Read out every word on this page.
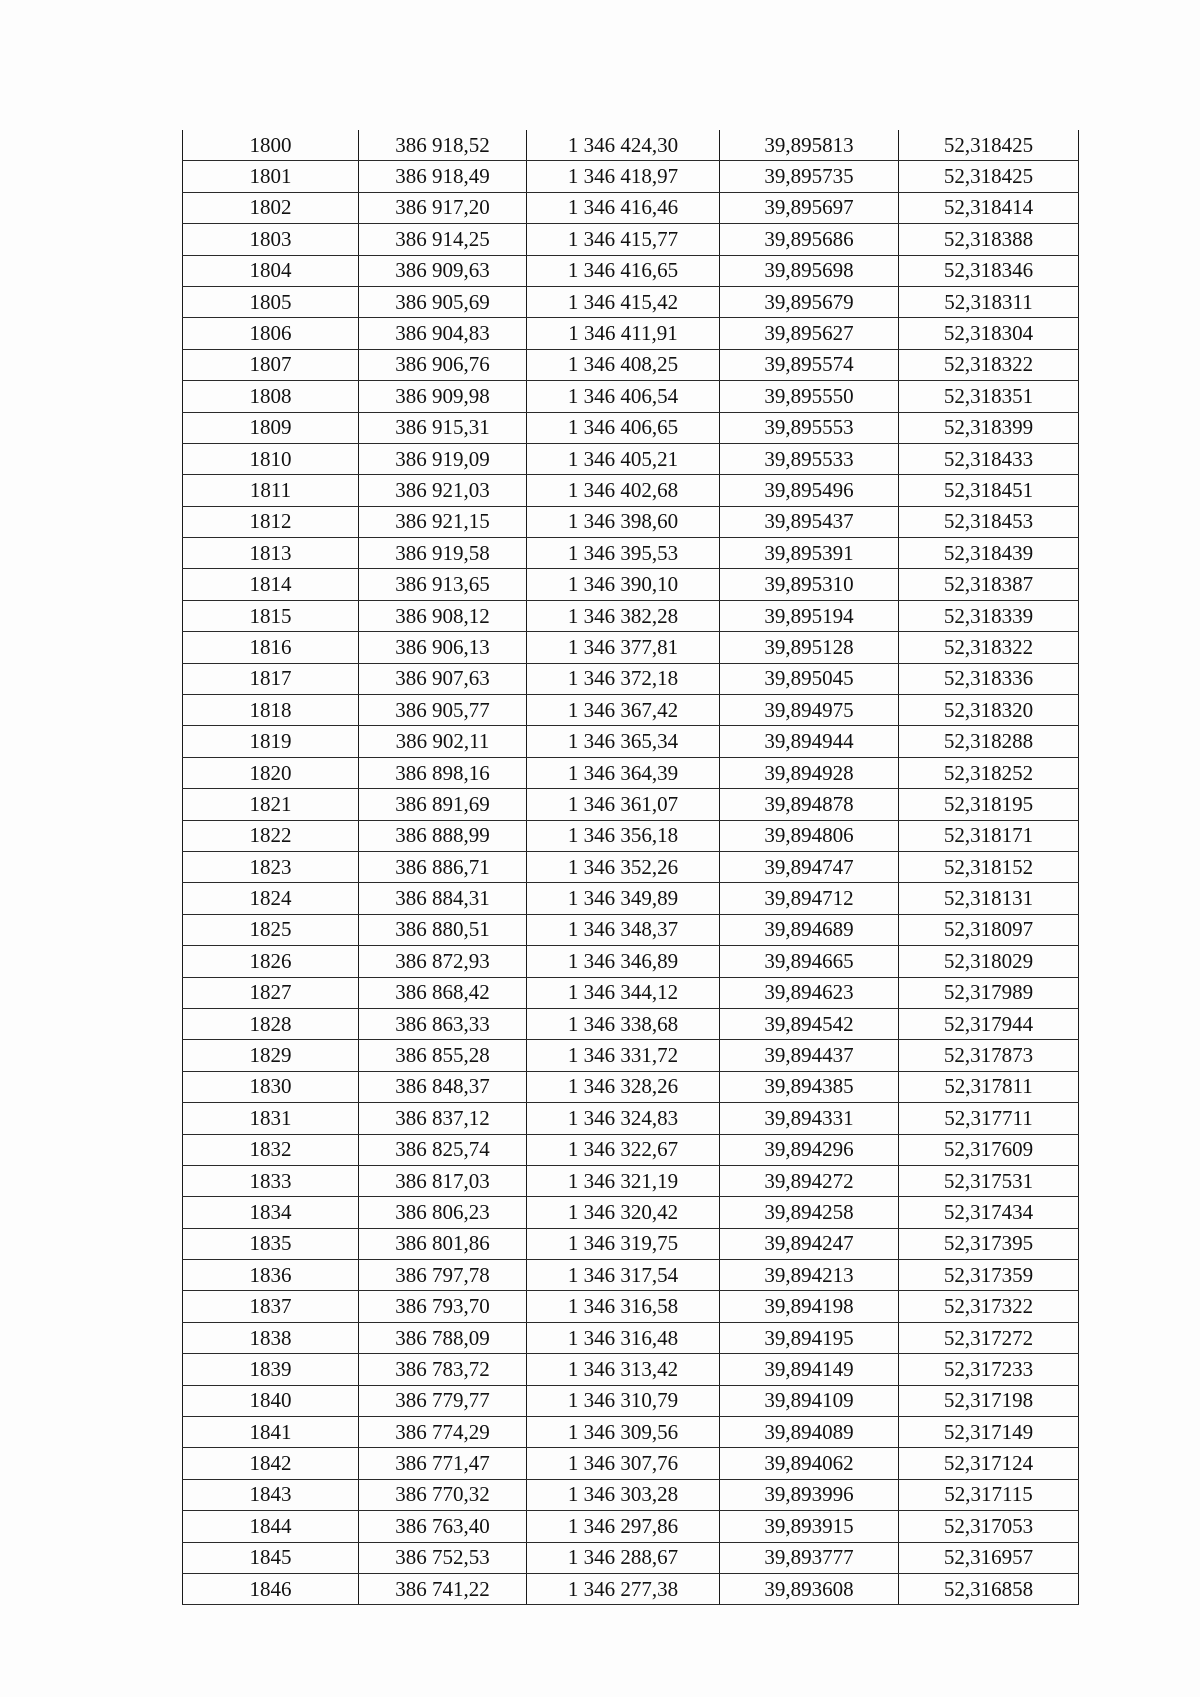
1800	386 918,52	1 346 424,30	39,895813	52,318425
1801	386 918,49	1 346 418,97	39,895735	52,318425
1802	386 917,20	1 346 416,46	39,895697	52,318414
1803	386 914,25	1 346 415,77	39,895686	52,318388
1804	386 909,63	1 346 416,65	39,895698	52,318346
1805	386 905,69	1 346 415,42	39,895679	52,318311
1806	386 904,83	1 346 411,91	39,895627	52,318304
1807	386 906,76	1 346 408,25	39,895574	52,318322
1808	386 909,98	1 346 406,54	39,895550	52,318351
1809	386 915,31	1 346 406,65	39,895553	52,318399
1810	386 919,09	1 346 405,21	39,895533	52,318433
1811	386 921,03	1 346 402,68	39,895496	52,318451
1812	386 921,15	1 346 398,60	39,895437	52,318453
1813	386 919,58	1 346 395,53	39,895391	52,318439
1814	386 913,65	1 346 390,10	39,895310	52,318387
1815	386 908,12	1 346 382,28	39,895194	52,318339
1816	386 906,13	1 346 377,81	39,895128	52,318322
1817	386 907,63	1 346 372,18	39,895045	52,318336
1818	386 905,77	1 346 367,42	39,894975	52,318320
1819	386 902,11	1 346 365,34	39,894944	52,318288
1820	386 898,16	1 346 364,39	39,894928	52,318252
1821	386 891,69	1 346 361,07	39,894878	52,318195
1822	386 888,99	1 346 356,18	39,894806	52,318171
1823	386 886,71	1 346 352,26	39,894747	52,318152
1824	386 884,31	1 346 349,89	39,894712	52,318131
1825	386 880,51	1 346 348,37	39,894689	52,318097
1826	386 872,93	1 346 346,89	39,894665	52,318029
1827	386 868,42	1 346 344,12	39,894623	52,317989
1828	386 863,33	1 346 338,68	39,894542	52,317944
1829	386 855,28	1 346 331,72	39,894437	52,317873
1830	386 848,37	1 346 328,26	39,894385	52,317811
1831	386 837,12	1 346 324,83	39,894331	52,317711
1832	386 825,74	1 346 322,67	39,894296	52,317609
1833	386 817,03	1 346 321,19	39,894272	52,317531
1834	386 806,23	1 346 320,42	39,894258	52,317434
1835	386 801,86	1 346 319,75	39,894247	52,317395
1836	386 797,78	1 346 317,54	39,894213	52,317359
1837	386 793,70	1 346 316,58	39,894198	52,317322
1838	386 788,09	1 346 316,48	39,894195	52,317272
1839	386 783,72	1 346 313,42	39,894149	52,317233
1840	386 779,77	1 346 310,79	39,894109	52,317198
1841	386 774,29	1 346 309,56	39,894089	52,317149
1842	386 771,47	1 346 307,76	39,894062	52,317124
1843	386 770,32	1 346 303,28	39,893996	52,317115
1844	386 763,40	1 346 297,86	39,893915	52,317053
1845	386 752,53	1 346 288,67	39,893777	52,316957
1846	386 741,22	1 346 277,38	39,893608	52,316858
